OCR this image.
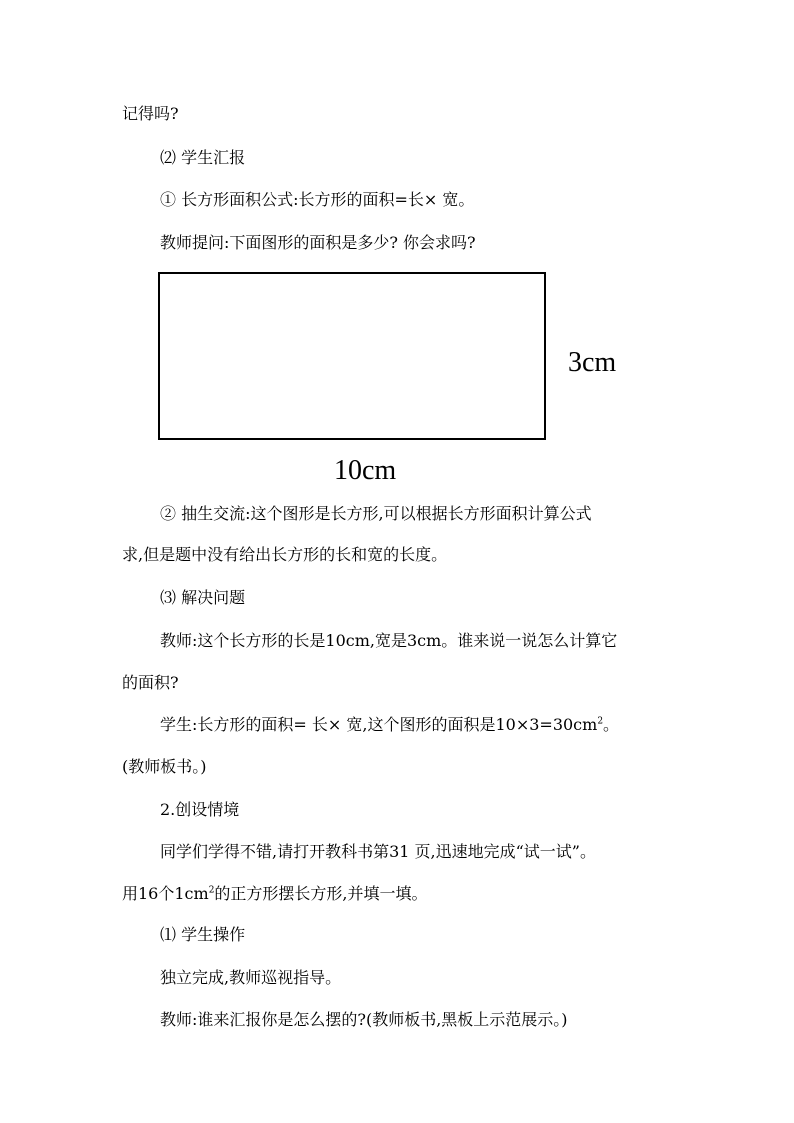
记得吗?
⑵ 学生汇报
① 长方形面积公式:长方形的面积=长× 宽。
教师提问:下面图形的面积是多少? 你会求吗?
3cm
10cm
② 抽生交流:这个图形是长方形,可以根据长方形面积计算公式
求,但是题中没有给出长方形的长和宽的长度。
⑶ 解决问题
教师:这个长方形的长是10cm,宽是3cm。谁来说一说怎么计算它
的面积?
学生:长方形的面积= 长× 宽,这个图形的面积是$10\times 3=30cm^2$。
(教师板书。)
2.创设情境
同学们学得不错,请打开教科书第31 页,迅速地完成“试一试”。
用16个$1cm^2$的正方形摆长方形,并填一填。
⑴ 学生操作
独立完成,教师巡视指导。
教师:谁来汇报你是怎么摆的?(教师板书,黑板上示范展示。)
